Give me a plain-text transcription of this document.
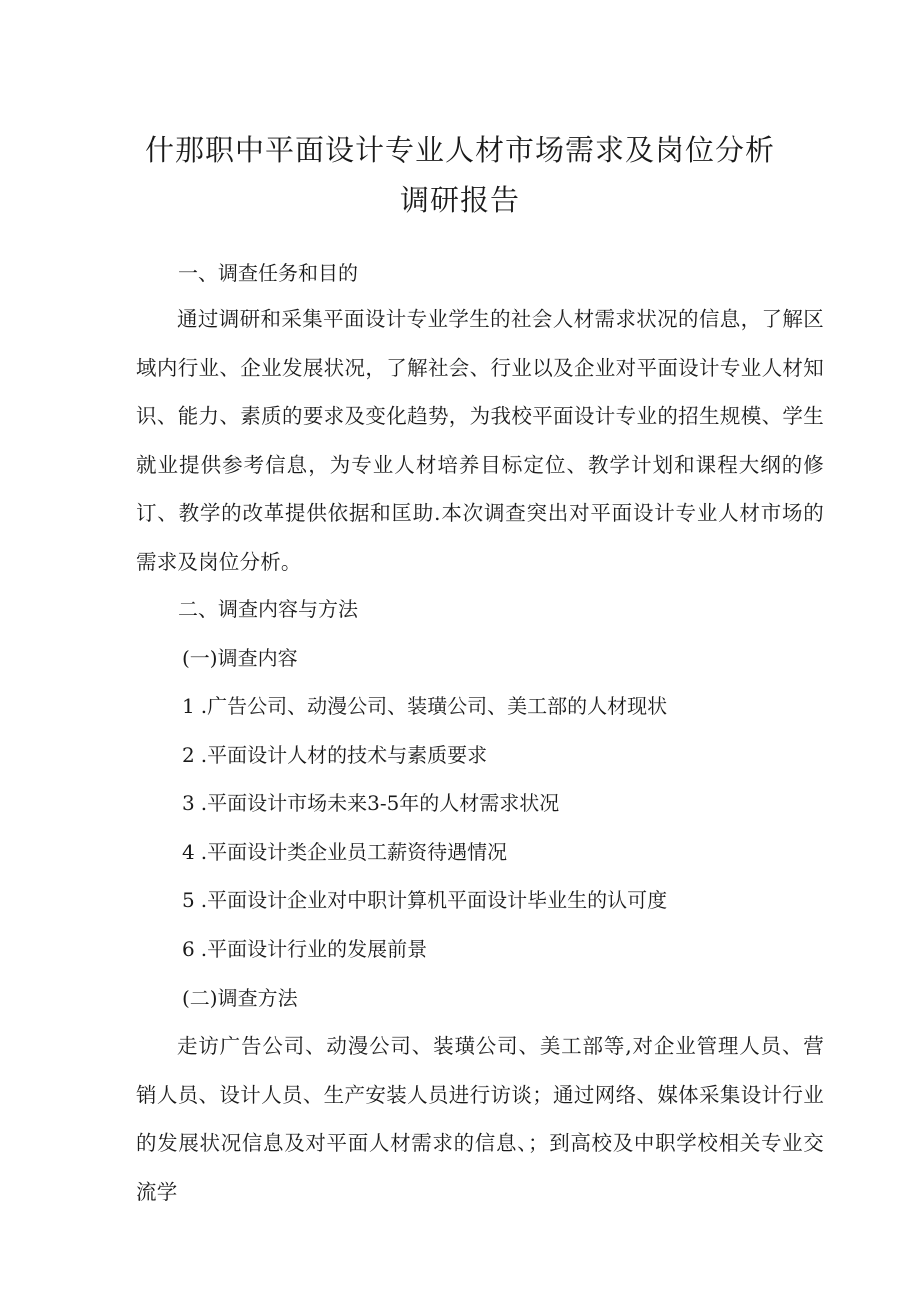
什那职中平面设计专业人材市场需求及岗位分析
调研报告
一、调查任务和目的
通过调研和采集平面设计专业学生的社会人材需求状况的信息，了解区域内行业、企业发展状况，了解社会、行业以及企业对平面设计专业人材知识、能力、素质的要求及变化趋势，为我校平面设计专业的招生规模、学生就业提供参考信息，为专业人材培养目标定位、教学计划和课程大纲的修订、教学的改革提供依据和匡助.本次调查突出对平面设计专业人材市场的需求及岗位分析。
二、调查内容与方法
(一)调查内容
1 .广告公司、动漫公司、装璜公司、美工部的人材现状
2 .平面设计人材的技术与素质要求
3 .平面设计市场未来3-5年的人材需求状况
4 .平面设计类企业员工薪资待遇情况
5 .平面设计企业对中职计算机平面设计毕业生的认可度
6 .平面设计行业的发展前景
(二)调查方法
走访广告公司、动漫公司、装璜公司、美工部等,对企业管理人员、营销人员、设计人员、生产安装人员进行访谈；通过网络、媒体采集设计行业的发展状况信息及对平面人材需求的信息、；到高校及中职学校相关专业交流学
